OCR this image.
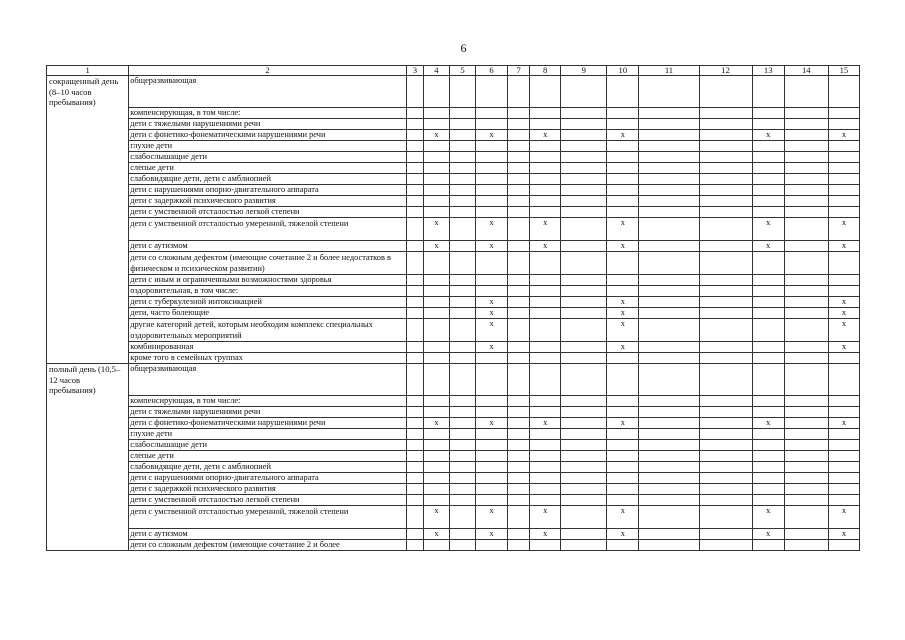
6
1	2	3	4	5	6	7	8	9	10	11	12	13	14	15
сокращенный день (8–10 часов пребывания)	общеразвивающая													
	компенсирующая, в том числе:													
	дети с тяжелыми нарушениями речи													
	дети с фонетико-фонематическими нарушениями речи		x		x		x		x			x		x
	глухие дети													
	слабослышащие дети													
	слепые дети													
	слабовидящие дети, дети с амблиопией													
	дети с нарушениями опорно-двигательного аппарата													
	дети с задержкой психического развития													
	дети с умственной отсталостью легкой степени													
	дети с умственной отсталостью умеренной, тяжелой степени		x		x		x		x			x		x
	дети с аутизмом		x		x		x		x			x		x
	дети со сложным дефектом (имеющие сочетание 2 и более недостатков в физическом и психическом развитии)													
	дети с иным и ограниченными возможностями здоровья													
	оздоровительная, в том числе:													
	дети с туберкулезной интоксикацией				x				x					x
	дети, часто болеющие				x				x					x
	другие категорий детей, которым необходим комплекс специальных оздоровительных мероприятий				x				x					x
	комбинированная				x				x					x
	кроме того в семейных группах													
полный день (10,5–12 часов пребывания)	общеразвивающая													
	компенсирующая, в том числе:													
	дети с тяжелыми нарушениями речи													
	дети с фонетико-фонематическими нарушениями речи		x		x		x		x			x		x
	глухие дети													
	слабослышащие дети													
	слепые дети													
	слабовидящие дети, дети с амблиопией													
	дети с нарушениями опорно-двигательного аппарата													
	дети с задержкой психического развития													
	дети с умственной отсталостью легкой степени													
	дети с умственной отсталостью умеренной, тяжелой степени		x		x		x		x			x		x
	дети с аутизмом		x		x		x		x			x		x
	дети со сложным дефектом (имеющие сочетание 2 и более													
